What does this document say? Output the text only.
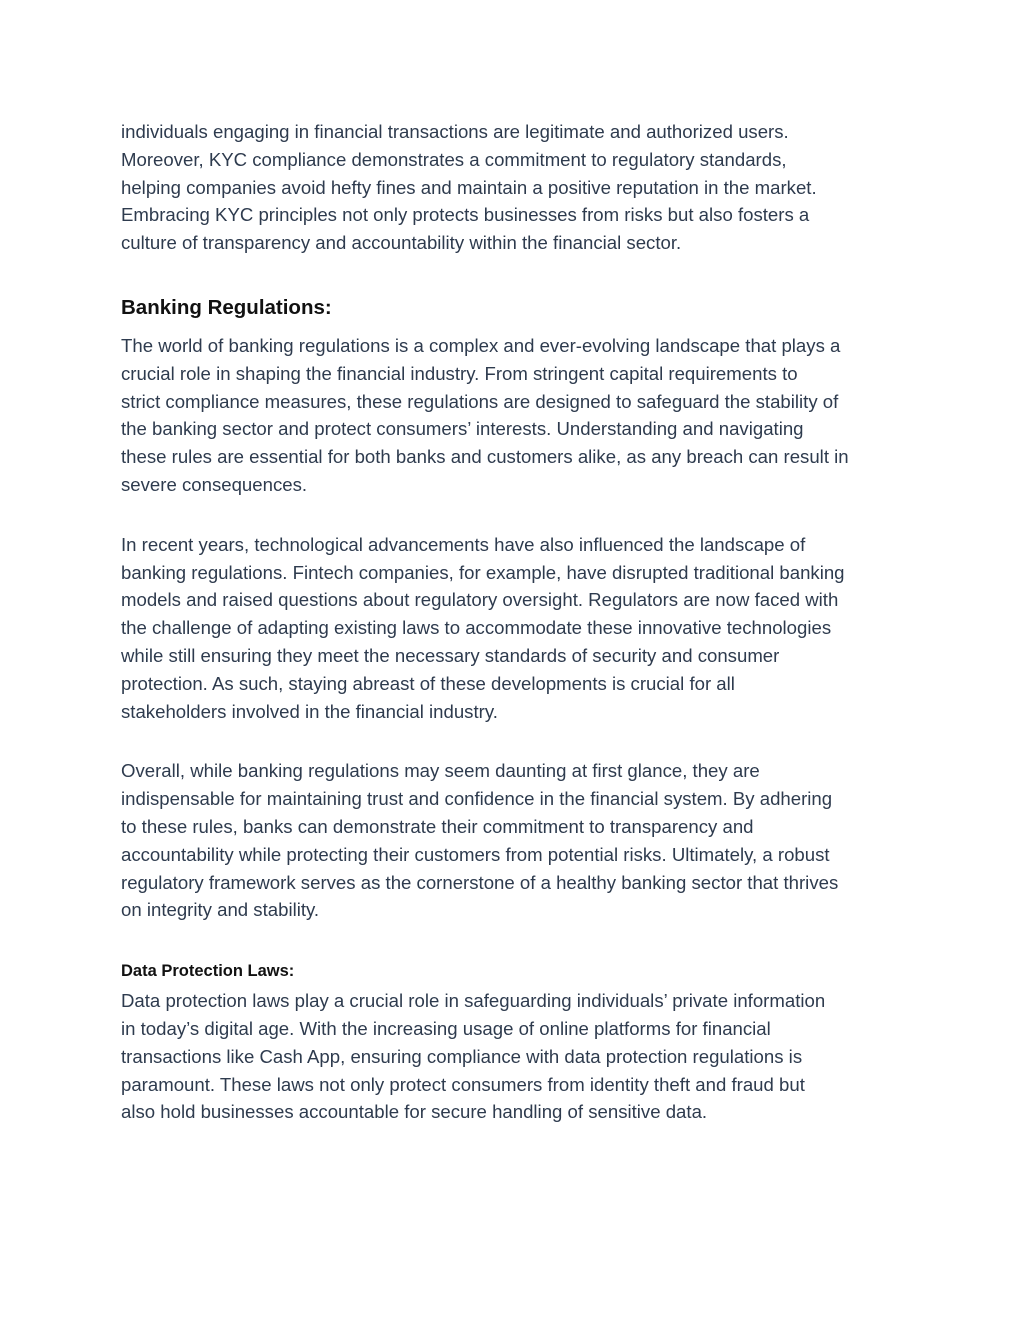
individuals engaging in financial transactions are legitimate and authorized users.
Moreover, KYC compliance demonstrates a commitment to regulatory standards,
helping companies avoid hefty fines and maintain a positive reputation in the market.
Embracing KYC principles not only protects businesses from risks but also fosters a
culture of transparency and accountability within the financial sector.

Banking Regulations:

The world of banking regulations is a complex and ever-evolving landscape that plays a
crucial role in shaping the financial industry. From stringent capital requirements to
strict compliance measures, these regulations are designed to safeguard the stability of
the banking sector and protect consumers’ interests. Understanding and navigating
these rules are essential for both banks and customers alike, as any breach can result in
severe consequences.

In recent years, technological advancements have also influenced the landscape of
banking regulations. Fintech companies, for example, have disrupted traditional banking
models and raised questions about regulatory oversight. Regulators are now faced with
the challenge of adapting existing laws to accommodate these innovative technologies
while still ensuring they meet the necessary standards of security and consumer
protection. As such, staying abreast of these developments is crucial for all
stakeholders involved in the financial industry.

Overall, while banking regulations may seem daunting at first glance, they are
indispensable for maintaining trust and confidence in the financial system. By adhering
to these rules, banks can demonstrate their commitment to transparency and
accountability while protecting their customers from potential risks. Ultimately, a robust
regulatory framework serves as the cornerstone of a healthy banking sector that thrives
on integrity and stability.

Data Protection Laws:

Data protection laws play a crucial role in safeguarding individuals’ private information
in today’s digital age. With the increasing usage of online platforms for financial
transactions like Cash App, ensuring compliance with data protection regulations is
paramount. These laws not only protect consumers from identity theft and fraud but
also hold businesses accountable for secure handling of sensitive data.
